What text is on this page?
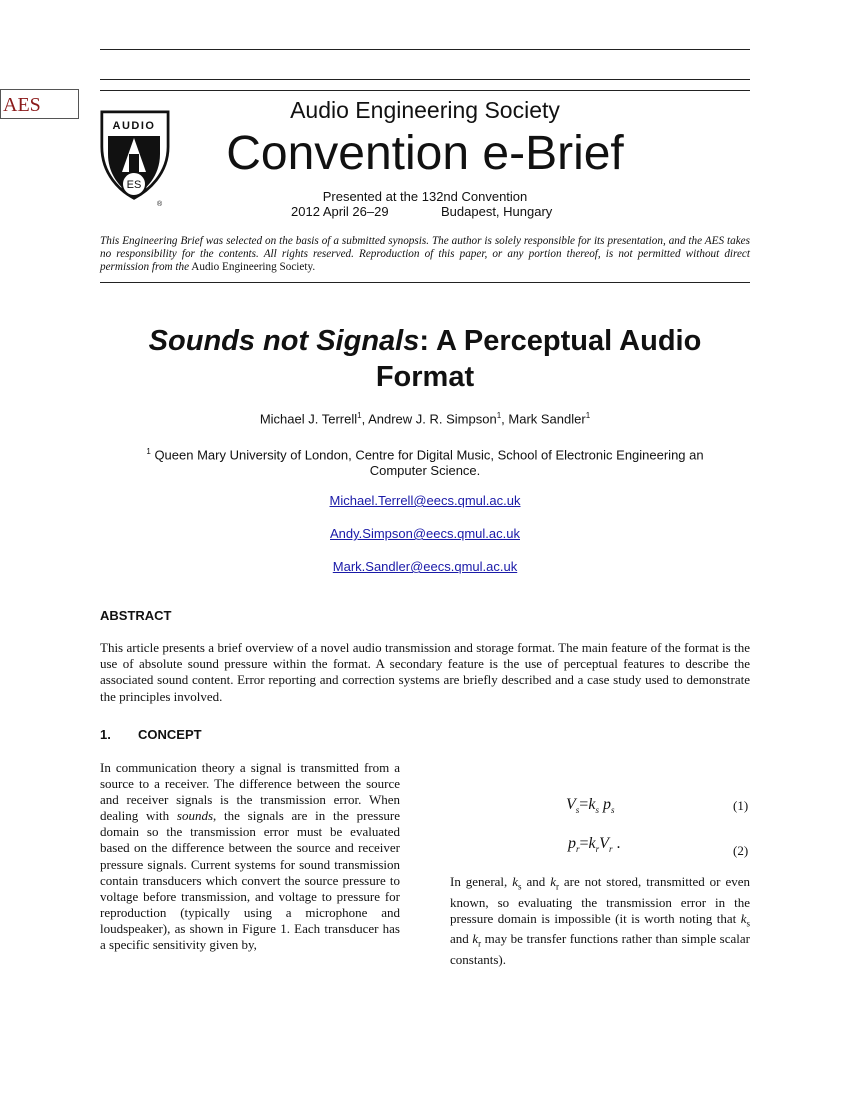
AES
AUDIO
ES
®
Audio Engineering Society
Convention e-Brief
Presented at the 132nd Convention
2012 April 26–29	Budapest, Hungary
This Engineering Brief was selected on the basis of a submitted synopsis. The author is solely responsible for its presentation, and the AES takes no responsibility for the contents. All rights reserved. Reproduction of this paper, or any portion thereof, is not permitted without direct permission from the Audio Engineering Society.
Sounds not Signals: A Perceptual Audio Format
Michael J. Terrell$^1$, Andrew J. R. Simpson$^1$, Mark Sandler$^1$
$^1$ Queen Mary University of London, Centre for Digital Music, School of Electronic Engineering an Computer Science.
Michael.Terrell@eecs.qmul.ac.uk
Andy.Simpson@eecs.qmul.ac.uk
Mark.Sandler@eecs.qmul.ac.uk
ABSTRACT
This article presents a brief overview of a novel audio transmission and storage format. The main feature of the format is the use of absolute sound pressure within the format. A secondary feature is the use of perceptual features to describe the associated sound content. Error reporting and correction systems are briefly described and a case study used to demonstrate the principles involved.
1. CONCEPT
In communication theory a signal is transmitted from a source to a receiver. The difference between the source and receiver signals is the transmission error. When dealing with sounds, the signals are in the pressure domain so the transmission error must be evaluated based on the difference between the source and receiver pressure signals. Current systems for sound transmission contain transducers which convert the source pressure to voltage before transmission, and voltage to pressure for reproduction (typically using a microphone and loudspeaker), as shown in Figure 1. Each transducer has a specific sensitivity given by,
$V_s=k_s$ $p_s$	(1)
$p_r=k_rV_r$ .	(2)
In general, $k_s$ and $k_r$ are not stored, transmitted or even known, so evaluating the transmission error in the pressure domain is impossible (it is worth noting that $k_s$ and $k_r$ may be transfer functions rather than simple scalar constants).
